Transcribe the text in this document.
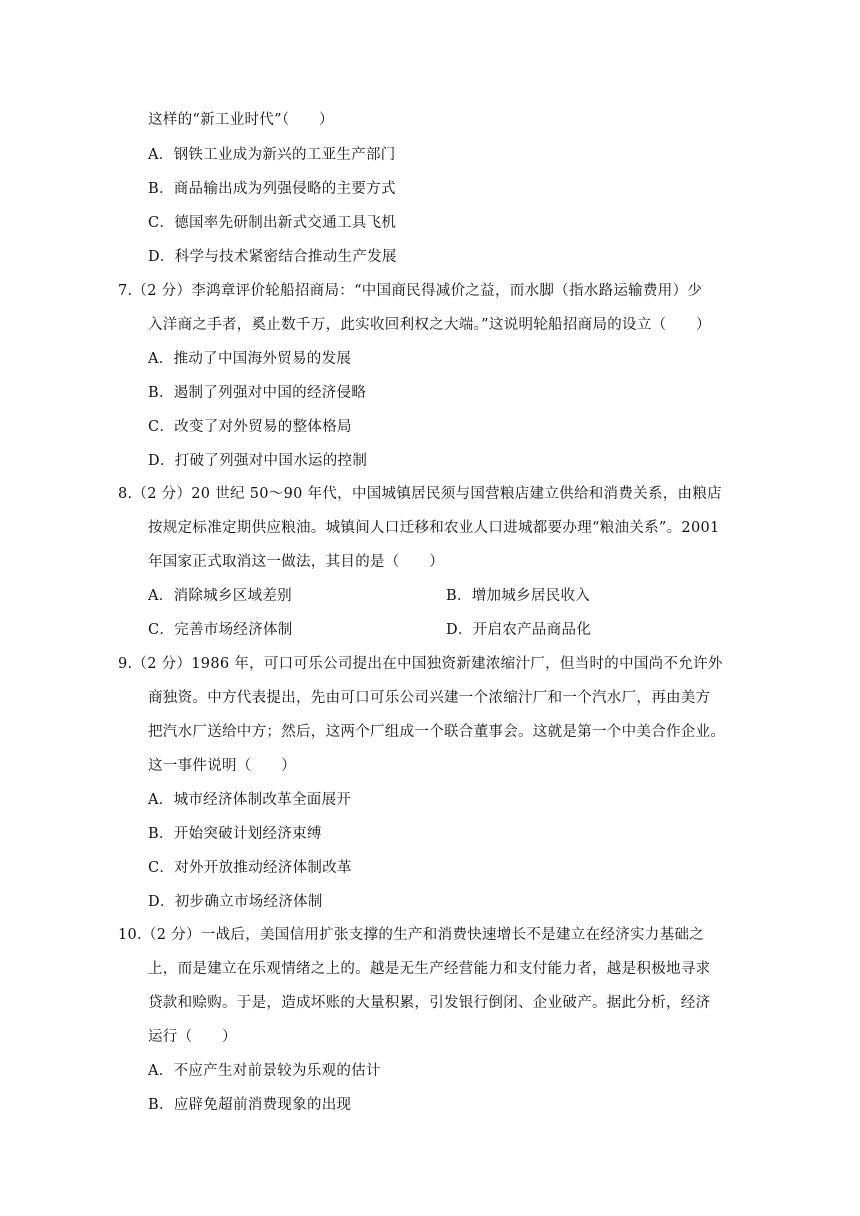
这样的“新工业时代”（　　）
A．钢铁工业成为新兴的工亚生产部门
B．商品输出成为列强侵略的主要方式
C．德国率先研制出新式交通工具飞机
D．科学与技术紧密结合推动生产发展
7.（2 分）李鸿章评价轮船招商局：“中国商民得减价之益，而水脚（指水路运输费用）少
入洋商之手者，奚止数千万，此实收回利权之大端。”这说明轮船招商局的设立（　　）
A．推动了中国海外贸易的发展
B．遏制了列强对中国的经济侵略
C．改变了对外贸易的整体格局
D．打破了列强对中国水运的控制
8.（2 分）20 世纪 50～90 年代，中国城镇居民须与国营粮店建立供给和消费关系，由粮店
按规定标准定期供应粮油。城镇间人口迁移和农业人口进城都要办理“粮油关系”。2001
年国家正式取消这一做法，其目的是（　　）
A．消除城乡区域差别	B．增加城乡居民收入
C．完善市场经济体制	D．开启农产品商品化
9.（2 分）1986 年，可口可乐公司提出在中国独资新建浓缩汁厂，但当时的中国尚不允许外
商独资。中方代表提出，先由可口可乐公司兴建一个浓缩汁厂和一个汽水厂，再由美方
把汽水厂送给中方；然后，这两个厂组成一个联合董事会。这就是第一个中美合作企业。
这一事件说明（　　）
A．城市经济体制改革全面展开
B．开始突破计划经济束缚
C．对外开放推动经济体制改革
D．初步确立市场经济体制
10.（2 分）一战后，美国信用扩张支撑的生产和消费快速增长不是建立在经济实力基础之
上，而是建立在乐观情绪之上的。越是无生产经营能力和支付能力者，越是积极地寻求
贷款和赊购。于是，造成坏账的大量积累，引发银行倒闭、企业破产。据此分析，经济
运行（　　）
A．不应产生对前景较为乐观的估计
B．应辟免超前消费现象的出现
